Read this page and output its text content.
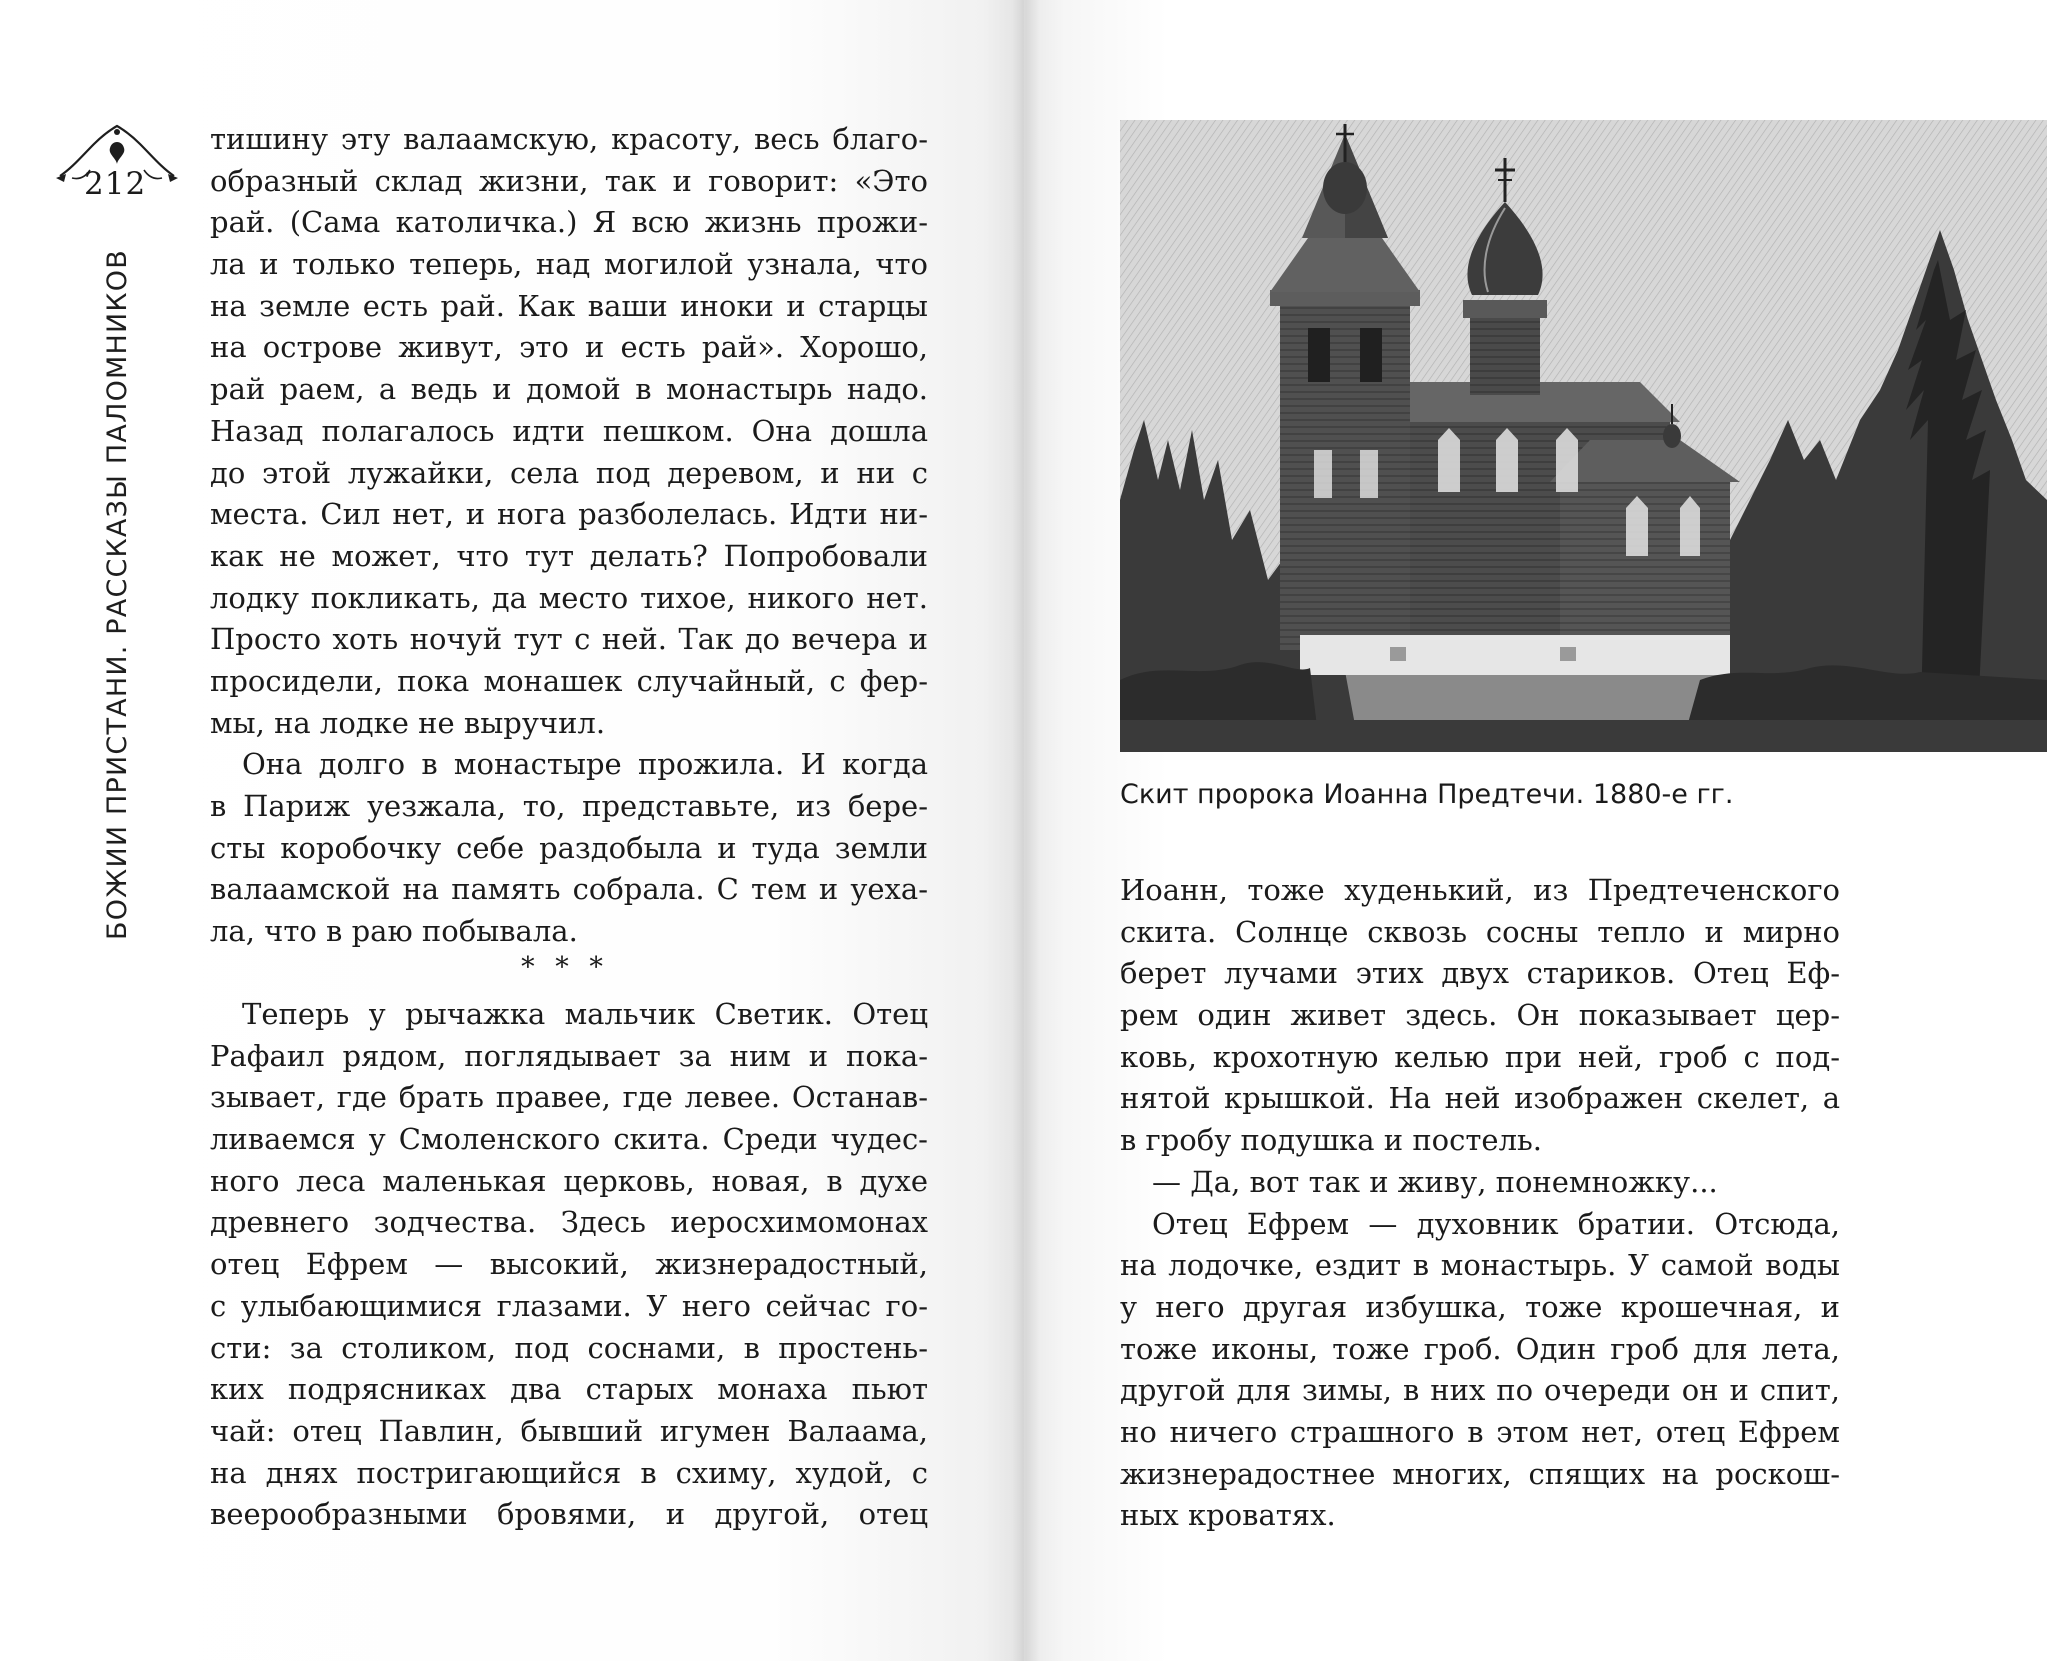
212
БОЖИИ ПРИСТАНИ. РАССКАЗЫ ПАЛОМНИКОВ
тишину эту валаамскую, красоту, весь благо-
образный склад жизни, так и говорит: «Это
рай. (Сама католичка.) Я всю жизнь прожи-
ла и только теперь, над могилой узнала, что
на земле есть рай. Как ваши иноки и старцы
на острове живут, это и есть рай». Хорошо,
рай раем, а ведь и домой в монастырь надо.
Назад полагалось идти пешком. Она дошла
до этой лужайки, села под деревом, и ни с
места. Сил нет, и нога разболелась. Идти ни-
как не может, что тут делать? Попробовали
лодку покликать, да место тихое, никого нет.
Просто хоть ночуй тут с ней. Так до вечера и
просидели, пока монашек случайный, с фер-
мы, на лодке не выручил.
Она долго в монастыре прожила. И когда
в Париж уезжала, то, представьте, из бере-
сты коробочку себе раздобыла и туда земли
валаамской на память собрала. С тем и уеха-
ла, что в раю побывала.
* * *
Теперь у рычажка мальчик Светик. Отец
Рафаил рядом, поглядывает за ним и пока-
зывает, где брать правее, где левее. Останав-
ливаемся у Смоленского скита. Среди чудес-
ного леса маленькая церковь, новая, в духе
древнего зодчества. Здесь иеросхимомонах
отец Ефрем — высокий, жизнерадостный,
с улыбающимися глазами. У него сейчас го-
сти: за столиком, под соснами, в простень-
ких подрясниках два старых монаха пьют
чай: отец Павлин, бывший игумен Валаама,
на днях постригающийся в схиму, худой, с
веерообразными бровями, и другой, отец
Скит пророка Иоанна Предтечи. 1880-е гг.
Иоанн, тоже худенький, из Предтеченского
скита. Солнце сквозь сосны тепло и мирно
берет лучами этих двух стариков. Отец Еф-
рем один живет здесь. Он показывает цер-
ковь, крохотную келью при ней, гроб с под-
нятой крышкой. На ней изображен скелет, а
в гробу подушка и постель.
— Да, вот так и живу, понемножку...
Отец Ефрем — духовник братии. Отсюда,
на лодочке, ездит в монастырь. У самой воды
у него другая избушка, тоже крошечная, и
тоже иконы, тоже гроб. Один гроб для лета,
другой для зимы, в них по очереди он и спит,
но ничего страшного в этом нет, отец Ефрем
жизнерадостнее многих, спящих на роскош-
ных кроватях.
